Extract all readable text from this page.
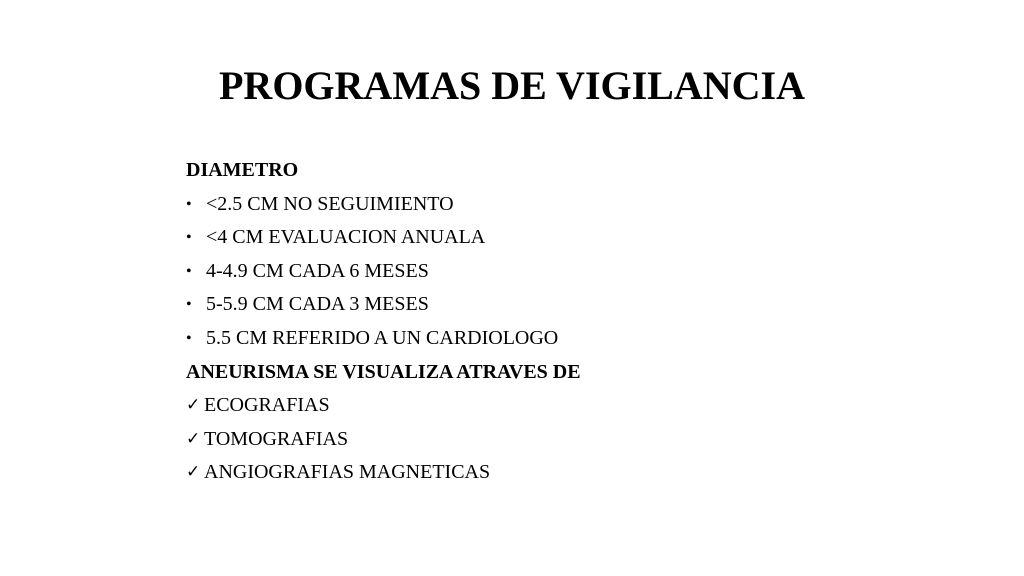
PROGRAMAS DE VIGILANCIA
DIAMETRO
• <2.5 CM NO SEGUIMIENTO
• <4 CM EVALUACION ANUALA
• 4-4.9 CM CADA 6 MESES
• 5-5.9 CM CADA 3 MESES
• 5.5 CM REFERIDO A UN CARDIOLOGO
ANEURISMA SE VISUALIZA ATRAVES DE
✓ ECOGRAFIAS
✓ TOMOGRAFIAS
✓ ANGIOGRAFIAS MAGNETICAS
